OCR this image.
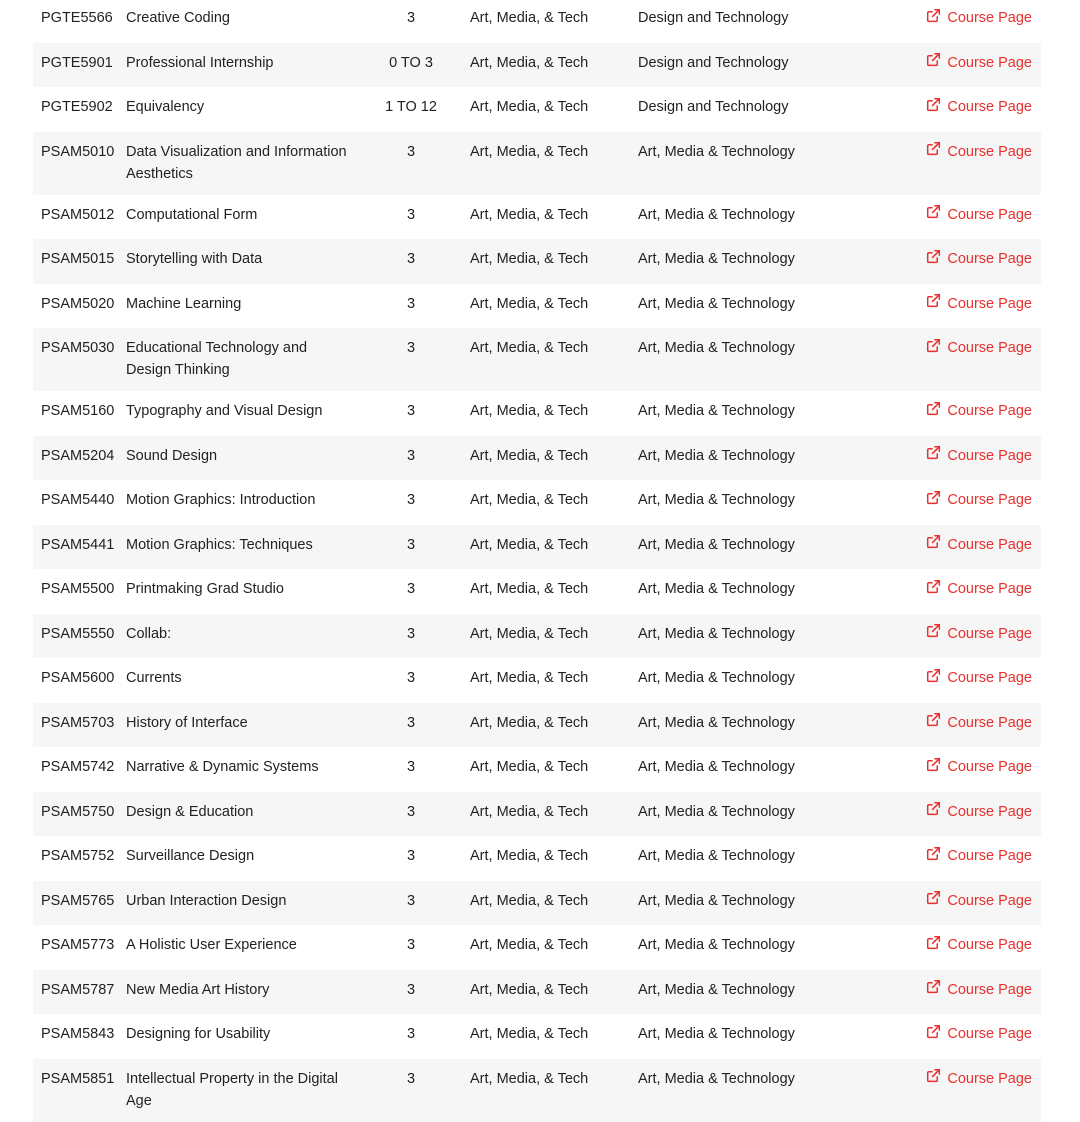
PGTE5566	Creative Coding	3	Art, Media, & Tech	Design and Technology	Course Page

PGTE5901	Professional Internship	0 TO 3	Art, Media, & Tech	Design and Technology	Course Page

PGTE5902	Equivalency	1 TO 12	Art, Media, & Tech	Design and Technology	Course Page

PSAM5010	Data Visualization and Information Aesthetics	3	Art, Media, & Tech	Art, Media & Technology	Course Page

PSAM5012	Computational Form	3	Art, Media, & Tech	Art, Media & Technology	Course Page

PSAM5015	Storytelling with Data	3	Art, Media, & Tech	Art, Media & Technology	Course Page

PSAM5020	Machine Learning	3	Art, Media, & Tech	Art, Media & Technology	Course Page

PSAM5030	Educational Technology and Design Thinking	3	Art, Media, & Tech	Art, Media & Technology	Course Page

PSAM5160	Typography and Visual Design	3	Art, Media, & Tech	Art, Media & Technology	Course Page

PSAM5204	Sound Design	3	Art, Media, & Tech	Art, Media & Technology	Course Page

PSAM5440	Motion Graphics: Introduction	3	Art, Media, & Tech	Art, Media & Technology	Course Page

PSAM5441	Motion Graphics: Techniques	3	Art, Media, & Tech	Art, Media & Technology	Course Page

PSAM5500	Printmaking Grad Studio	3	Art, Media, & Tech	Art, Media & Technology	Course Page

PSAM5550	Collab:	3	Art, Media, & Tech	Art, Media & Technology	Course Page

PSAM5600	Currents	3	Art, Media, & Tech	Art, Media & Technology	Course Page

PSAM5703	History of Interface	3	Art, Media, & Tech	Art, Media & Technology	Course Page

PSAM5742	Narrative & Dynamic Systems	3	Art, Media, & Tech	Art, Media & Technology	Course Page

PSAM5750	Design & Education	3	Art, Media, & Tech	Art, Media & Technology	Course Page

PSAM5752	Surveillance Design	3	Art, Media, & Tech	Art, Media & Technology	Course Page

PSAM5765	Urban Interaction Design	3	Art, Media, & Tech	Art, Media & Technology	Course Page

PSAM5773	A Holistic User Experience	3	Art, Media, & Tech	Art, Media & Technology	Course Page

PSAM5787	New Media Art History	3	Art, Media, & Tech	Art, Media & Technology	Course Page

PSAM5843	Designing for Usability	3	Art, Media, & Tech	Art, Media & Technology	Course Page

PSAM5851	Intellectual Property in the Digital Age	3	Art, Media, & Tech	Art, Media & Technology	Course Page
